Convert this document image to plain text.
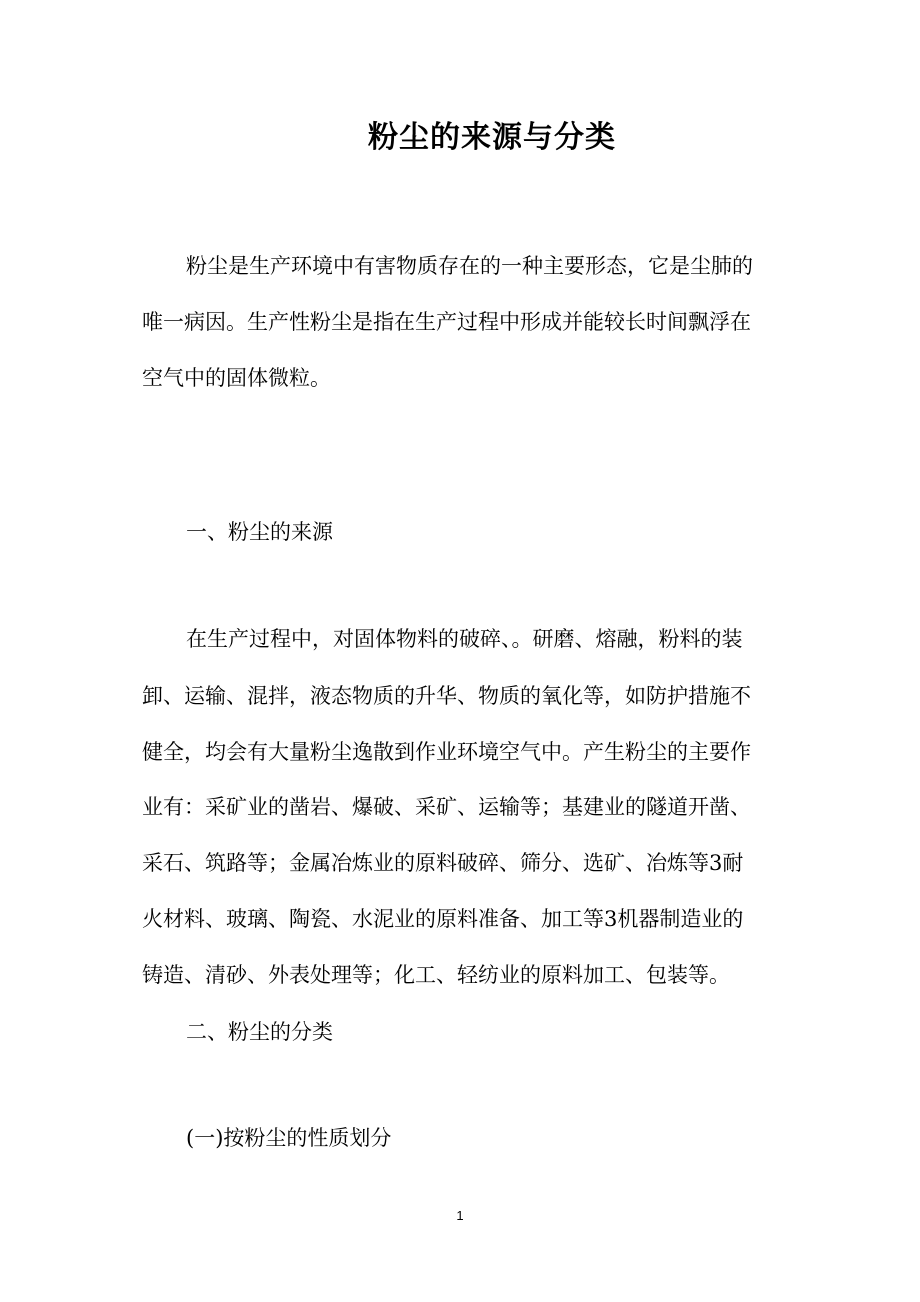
粉尘的来源与分类
粉尘是生产环境中有害物质存在的一种主要形态，它是尘肺的
唯一病因。生产性粉尘是指在生产过程中形成并能较长时间飘浮在
空气中的固体微粒。
一、粉尘的来源
在生产过程中，对固体物料的破碎、。研磨、熔融，粉料的装
卸、运输、混拌，液态物质的升华、物质的氧化等，如防护措施不
健全，均会有大量粉尘逸散到作业环境空气中。产生粉尘的主要作
业有：采矿业的凿岩、爆破、采矿、运输等；基建业的隧道开凿、
采石、筑路等；金属冶炼业的原料破碎、筛分、选矿、冶炼等3耐
火材料、玻璃、陶瓷、水泥业的原料准备、加工等3机器制造业的
铸造、清砂、外表处理等；化工、轻纺业的原料加工、包装等。
二、粉尘的分类
(一)按粉尘的性质划分
1
